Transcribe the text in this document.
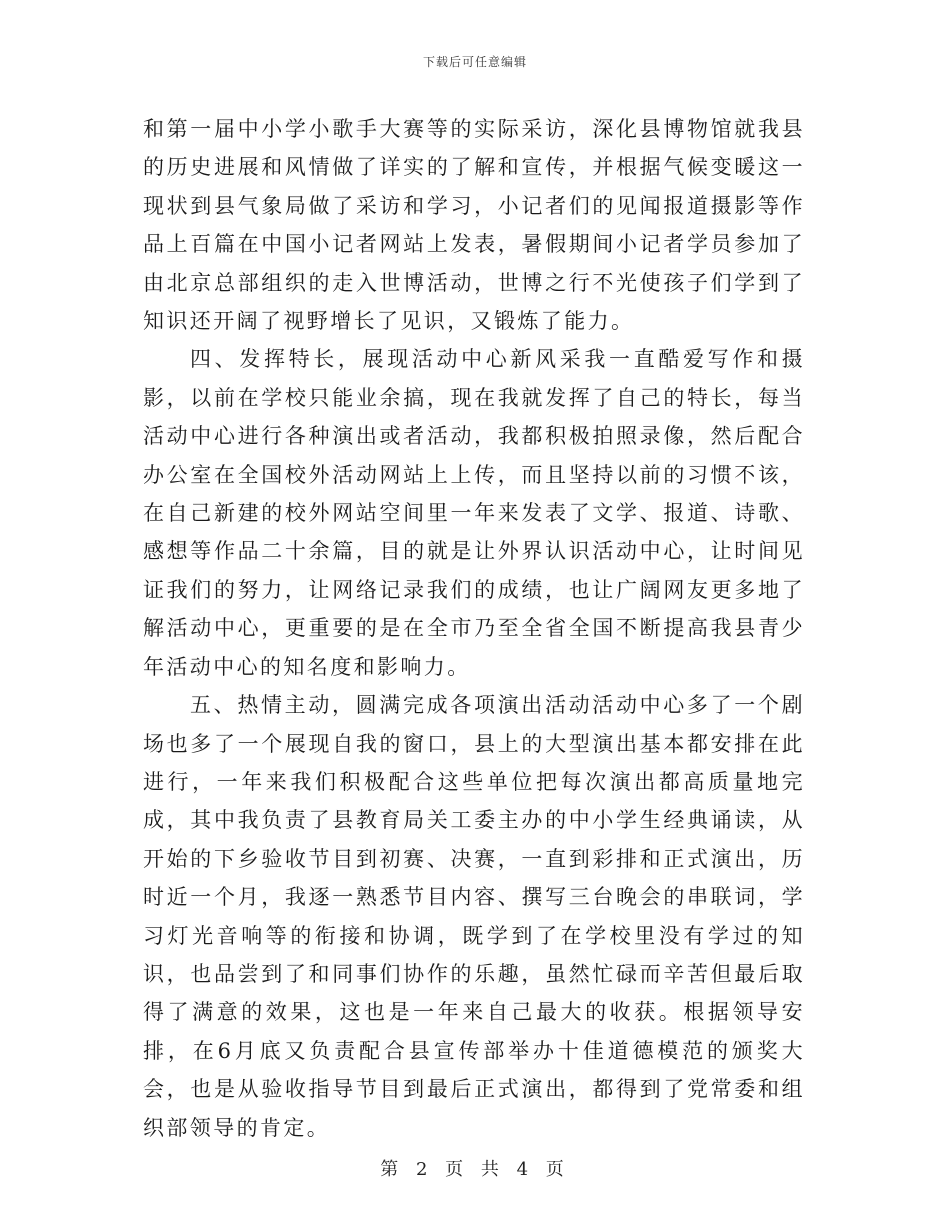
下载后可任意编辑

和第一届中小学小歌手大赛等的实际采访，深化县博物馆就我县的历史进展和风情做了详实的了解和宣传，并根据气候变暖这一现状到县气象局做了采访和学习，小记者们的见闻报道摄影等作品上百篇在中国小记者网站上发表，暑假期间小记者学员参加了由北京总部组织的走入世博活动，世博之行不光使孩子们学到了知识还开阔了视野增长了见识，又锻炼了能力。

四、发挥特长，展现活动中心新风采我一直酷爱写作和摄影，以前在学校只能业余搞，现在我就发挥了自己的特长，每当活动中心进行各种演出或者活动，我都积极拍照录像，然后配合办公室在全国校外活动网站上上传，而且坚持以前的习惯不该，在自己新建的校外网站空间里一年来发表了文学、报道、诗歌、感想等作品二十余篇，目的就是让外界认识活动中心，让时间见证我们的努力，让网络记录我们的成绩，也让广阔网友更多地了解活动中心，更重要的是在全市乃至全省全国不断提高我县青少年活动中心的知名度和影响力。

五、热情主动，圆满完成各项演出活动活动中心多了一个剧场也多了一个展现自我的窗口，县上的大型演出基本都安排在此进行，一年来我们积极配合这些单位把每次演出都高质量地完成，其中我负责了县教育局关工委主办的中小学生经典诵读，从开始的下乡验收节目到初赛、决赛，一直到彩排和正式演出，历时近一个月，我逐一熟悉节目内容、撰写三台晚会的串联词，学习灯光音响等的衔接和协调，既学到了在学校里没有学过的知识，也品尝到了和同事们协作的乐趣，虽然忙碌而辛苦但最后取得了满意的效果，这也是一年来自己最大的收获。根据领导安排，在6月底又负责配合县宣传部举办十佳道德模范的颁奖大会，也是从验收指导节目到最后正式演出，都得到了党常委和组织部领导的肯定。

第 2 页 共 4 页
